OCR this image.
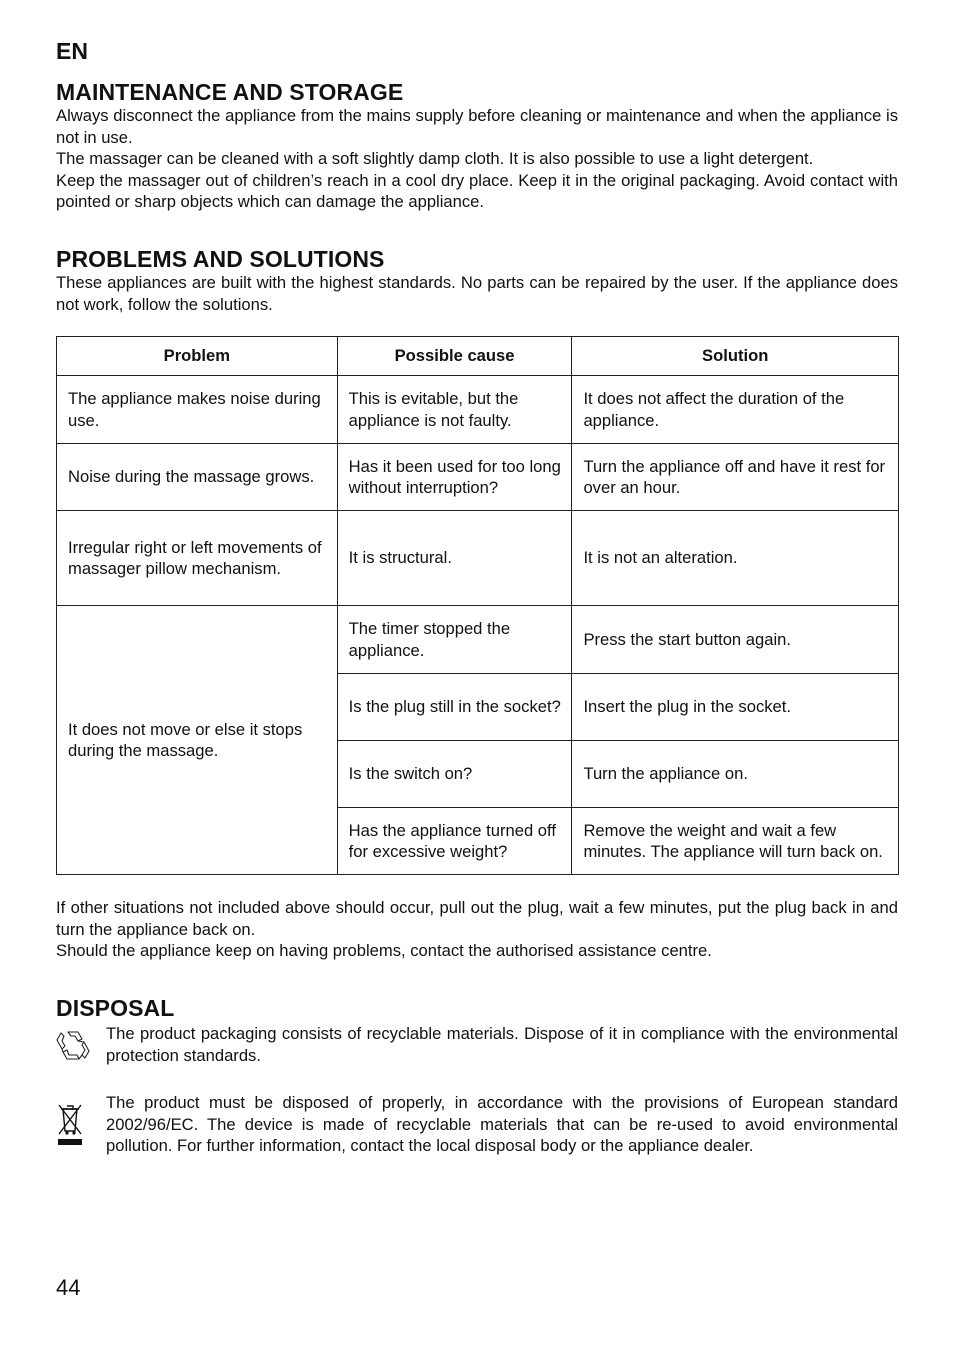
EN
MAINTENANCE AND STORAGE

Always disconnect the appliance from the mains supply before cleaning or maintenance and when the appliance is not in use.

The massager can be cleaned with a soft slightly damp cloth. It is also possible to use a light detergent.

Keep the massager out of children’s reach in a cool dry place. Keep it in the original packaging. Avoid contact with pointed or sharp objects which can damage the appliance.

PROBLEMS AND SOLUTIONS

These appliances are built with the highest standards. No parts can be repaired by the user. If the appliance does not work, follow the solutions.

Problem	Possible cause	Solution
The appliance makes noise during use.	This is evitable, but the appliance is not faulty.	It does not affect the duration of the appliance.
Noise during the massage grows.	Has it been used for too long without interruption?	Turn the appliance off and have it rest for over an hour.
Irregular right or left movements of massager pillow mechanism.	It is structural.	It is not an alteration.
It does not move or else it stops during the massage.	The timer stopped the appliance.	Press the start button again.
	Is the plug still in the socket?	Insert the plug in the socket.
	Is the switch on?	Turn the appliance on.
	Has the appliance turned off for excessive weight?	Remove the weight and wait a few minutes. The appliance will turn back on.

If other situations not included above should occur, pull out the plug, wait a few minutes, put the plug back in and turn the appliance back on.

Should the appliance keep on having problems, contact the authorised assistance centre.

DISPOSAL
The product packaging consists of recyclable materials. Dispose of it in compliance with the environmental protection standards.
The product must be disposed of properly, in accordance with the provisions of European standard 2002/96/EC. The device is made of recyclable materials that can be re-used to avoid environmental pollution. For further information, contact the local disposal body or the appliance dealer.
44
